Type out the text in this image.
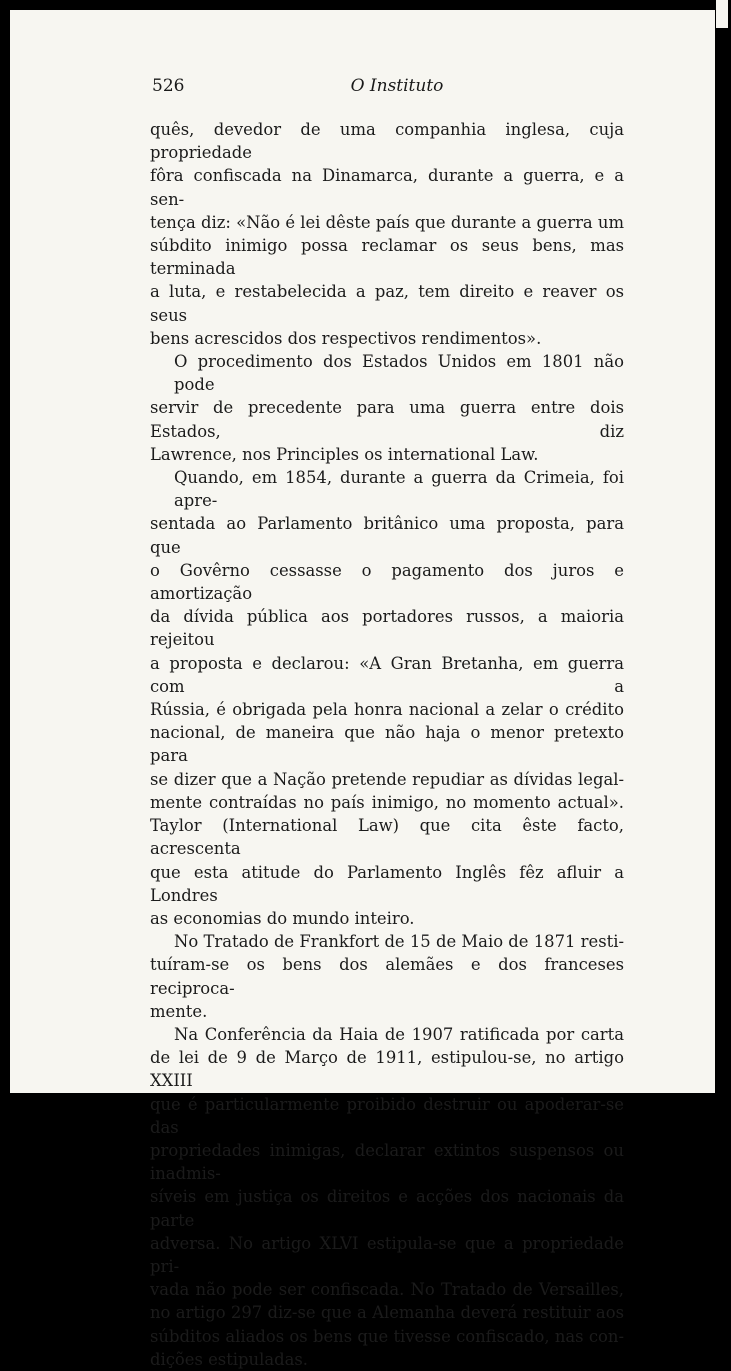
526	O Instituto
quês, devedor de uma companhia inglesa, cuja propriedade
fôra confiscada na Dinamarca, durante a guerra, e a sen-
tença diz: «Não é lei dêste país que durante a guerra um
súbdito inimigo possa reclamar os seus bens, mas terminada
a luta, e restabelecida a paz, tem direito e reaver os seus
bens acrescidos dos respectivos rendimentos».
O procedimento dos Estados Unidos em 1801 não pode
servir de precedente para uma guerra entre dois Estados, diz
Lawrence, nos Principles os international Law.
Quando, em 1854, durante a guerra da Crimeia, foi apre-
sentada ao Parlamento britânico uma proposta, para que
o Govêrno cessasse o pagamento dos juros e amortização
da dívida pública aos portadores russos, a maioria rejeitou
a proposta e declarou: «A Gran Bretanha, em guerra com a
Rússia, é obrigada pela honra nacional a zelar o crédito
nacional, de maneira que não haja o menor pretexto para
se dizer que a Nação pretende repudiar as dívidas legal-
mente contraídas no país inimigo, no momento actual».
Taylor (International Law) que cita êste facto, acrescenta
que esta atitude do Parlamento Inglês fêz afluir a Londres
as economias do mundo inteiro.
No Tratado de Frankfort de 15 de Maio de 1871 resti-
tuíram-se os bens dos alemães e dos franceses reciproca-
mente.
Na Conferência da Haia de 1907 ratificada por carta
de lei de 9 de Março de 1911, estipulou-se, no artigo XXIII
que é particularmente proibido destruir ou apoderar-se das
propriedades inimigas, declarar extintos suspensos ou inadmis-
síveis em justiça os direitos e acções dos nacionais da parte
adversa. No artigo XLVI estipula-se que a propriedade pri-
vada não pode ser confiscada. No Tratado de Versailles,
no artigo 297 diz-se que a Alemanha deverá restituir aos
súbditos aliados os bens que tivesse confiscado, nas con-
dições estipuladas.
